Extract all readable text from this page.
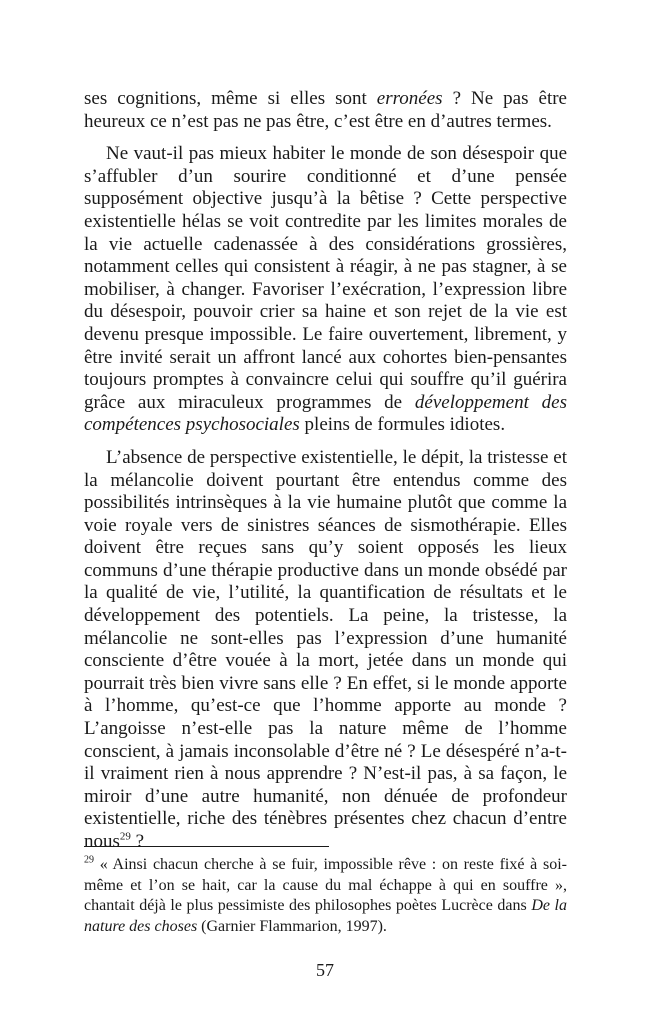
ses cognitions, même si elles sont erronées ? Ne pas être heureux ce n’est pas ne pas être, c’est être en d’autres termes.

Ne vaut-il pas mieux habiter le monde de son désespoir que s’affubler d’un sourire conditionné et d’une pensée supposément objective jusqu’à la bêtise ? Cette perspective existentielle hélas se voit contredite par les limites morales de la vie actuelle cadenassée à des considérations grossières, notamment celles qui consistent à réagir, à ne pas stagner, à se mobiliser, à changer. Favoriser l’exécration, l’expression libre du désespoir, pouvoir crier sa haine et son rejet de la vie est devenu presque impossible. Le faire ouvertement, librement, y être invité serait un affront lancé aux cohortes bien-pensantes toujours promptes à convaincre celui qui souffre qu’il guérira grâce aux miraculeux programmes de développement des compétences psychosociales pleins de formules idiotes.

L’absence de perspective existentielle, le dépit, la tristesse et la mélancolie doivent pourtant être entendus comme des possibilités intrinsèques à la vie humaine plutôt que comme la voie royale vers de sinistres séances de sismothérapie. Elles doivent être reçues sans qu’y soient opposés les lieux communs d’une thérapie productive dans un monde obsédé par la qualité de vie, l’utilité, la quantification de résultats et le développement des potentiels. La peine, la tristesse, la mélancolie ne sont-elles pas l’expression d’une humanité consciente d’être vouée à la mort, jetée dans un monde qui pourrait très bien vivre sans elle ? En effet, si le monde apporte à l’homme, qu’est-ce que l’homme apporte au monde ? L’angoisse n’est-elle pas la nature même de l’homme conscient, à jamais inconsolable d’être né ? Le désespéré n’a-t-il vraiment rien à nous apprendre ? N’est-il pas, à sa façon, le miroir d’une autre humanité, non dénuée de profondeur existentielle, riche des ténèbres présentes chez chacun d’entre nous$^{29}$ ?

$^{29}$ « Ainsi chacun cherche à se fuir, impossible rêve : on reste fixé à soi-même et l’on se hait, car la cause du mal échappe à qui en souffre », chantait déjà le plus pessimiste des philosophes poètes Lucrèce dans De la nature des choses (Garnier Flammarion, 1997).

57
